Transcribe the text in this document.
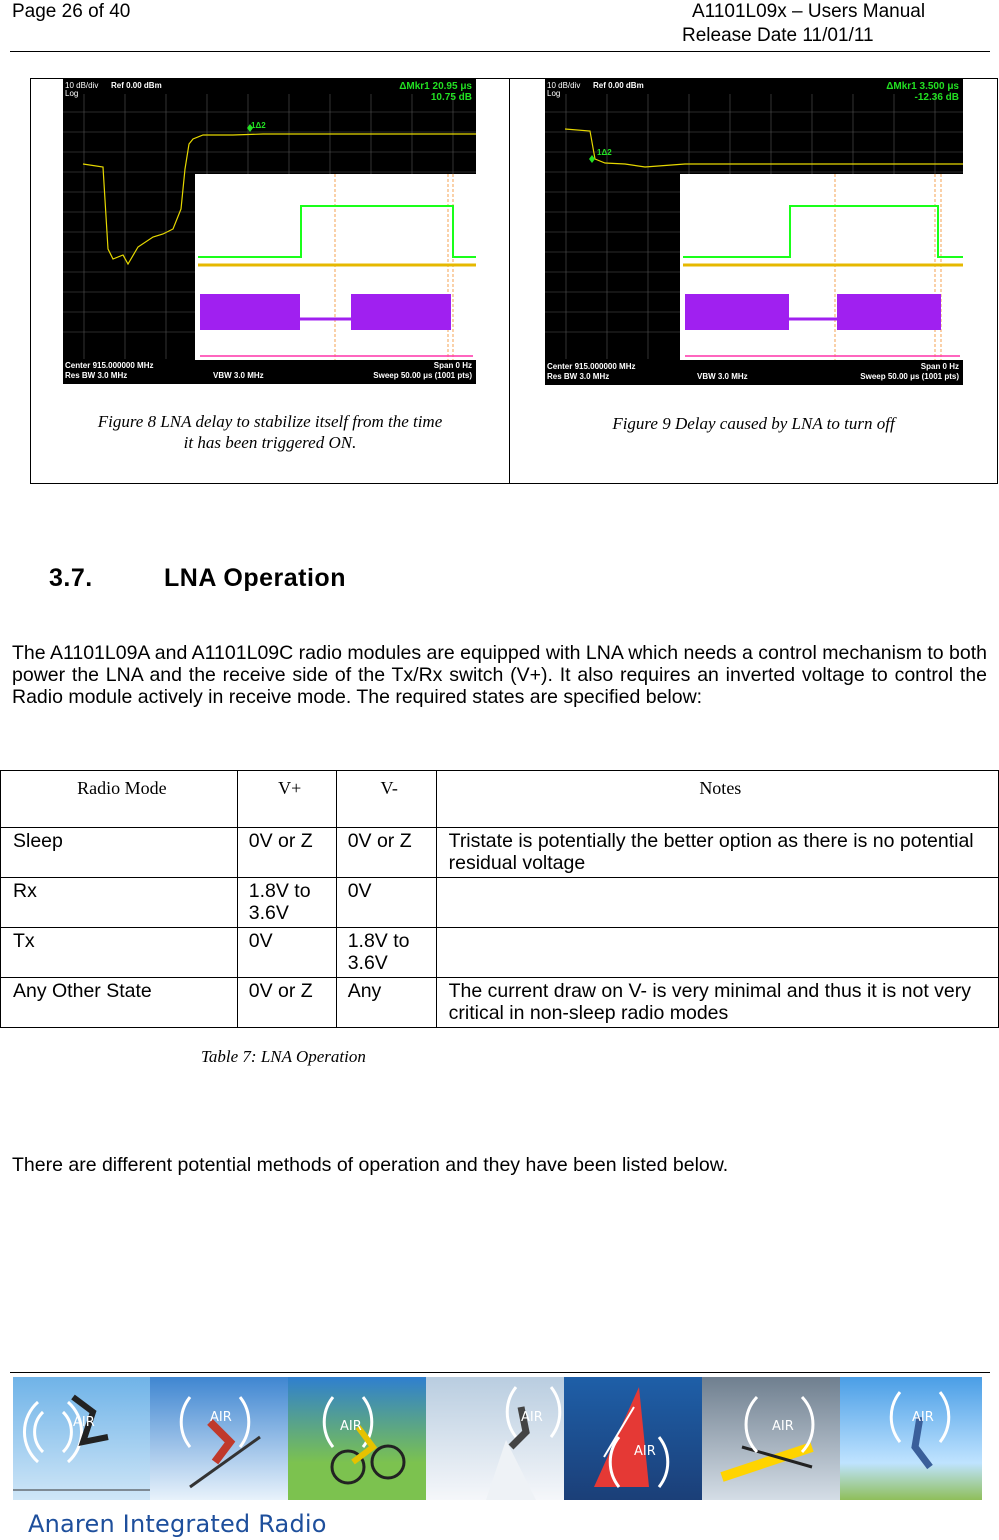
Page 26 of 40	A1101L09x – Users Manual
Release Date 11/01/11
10 dB/div
Log
Ref 0.00 dBm	ΔMkr1 20.95 μs
10.75 dB
1Δ2
Center 915.000000 MHz
Res BW 3.0 MHz	VBW 3.0 MHz
Span 0 Hz
Sweep 50.00 μs (1001 pts)
10 dB/div
Log
Ref 0.00 dBm	ΔMkr1 3.500 μs
-12.36 dB
1Δ2
Center 915.000000 MHz
Res BW 3.0 MHz	VBW 3.0 MHz
Span 0 Hz
Sweep 50.00 μs (1001 pts)
Figure 8 LNA delay to stabilize itself from the time
it has been triggered ON.
Figure 9 Delay caused by LNA to turn off
3.7.	LNA Operation
The A1101L09A and A1101L09C radio modules are equipped with LNA which needs a control mechanism to both power the LNA and the receive side of the Tx/Rx switch (V+). It also requires an inverted voltage to control the Radio module actively in receive mode. The required states are specified below:
Radio Mode	V+	V-	Notes
Sleep	0V or Z	0V or Z	Tristate is potentially the better option as there is no potential residual voltage
Rx	1.8V to 3.6V	0V	
Tx	0V	1.8V to 3.6V	
Any Other State	0V or Z	Any	The current draw on V- is very minimal and thus it is not very critical in non-sleep radio modes
Table 7: LNA Operation
There are different potential methods of operation and they have been listed below.
AIR	AIR
AIR
AIR
AIR
AIR
AIR
Anaren Integrated Radio
